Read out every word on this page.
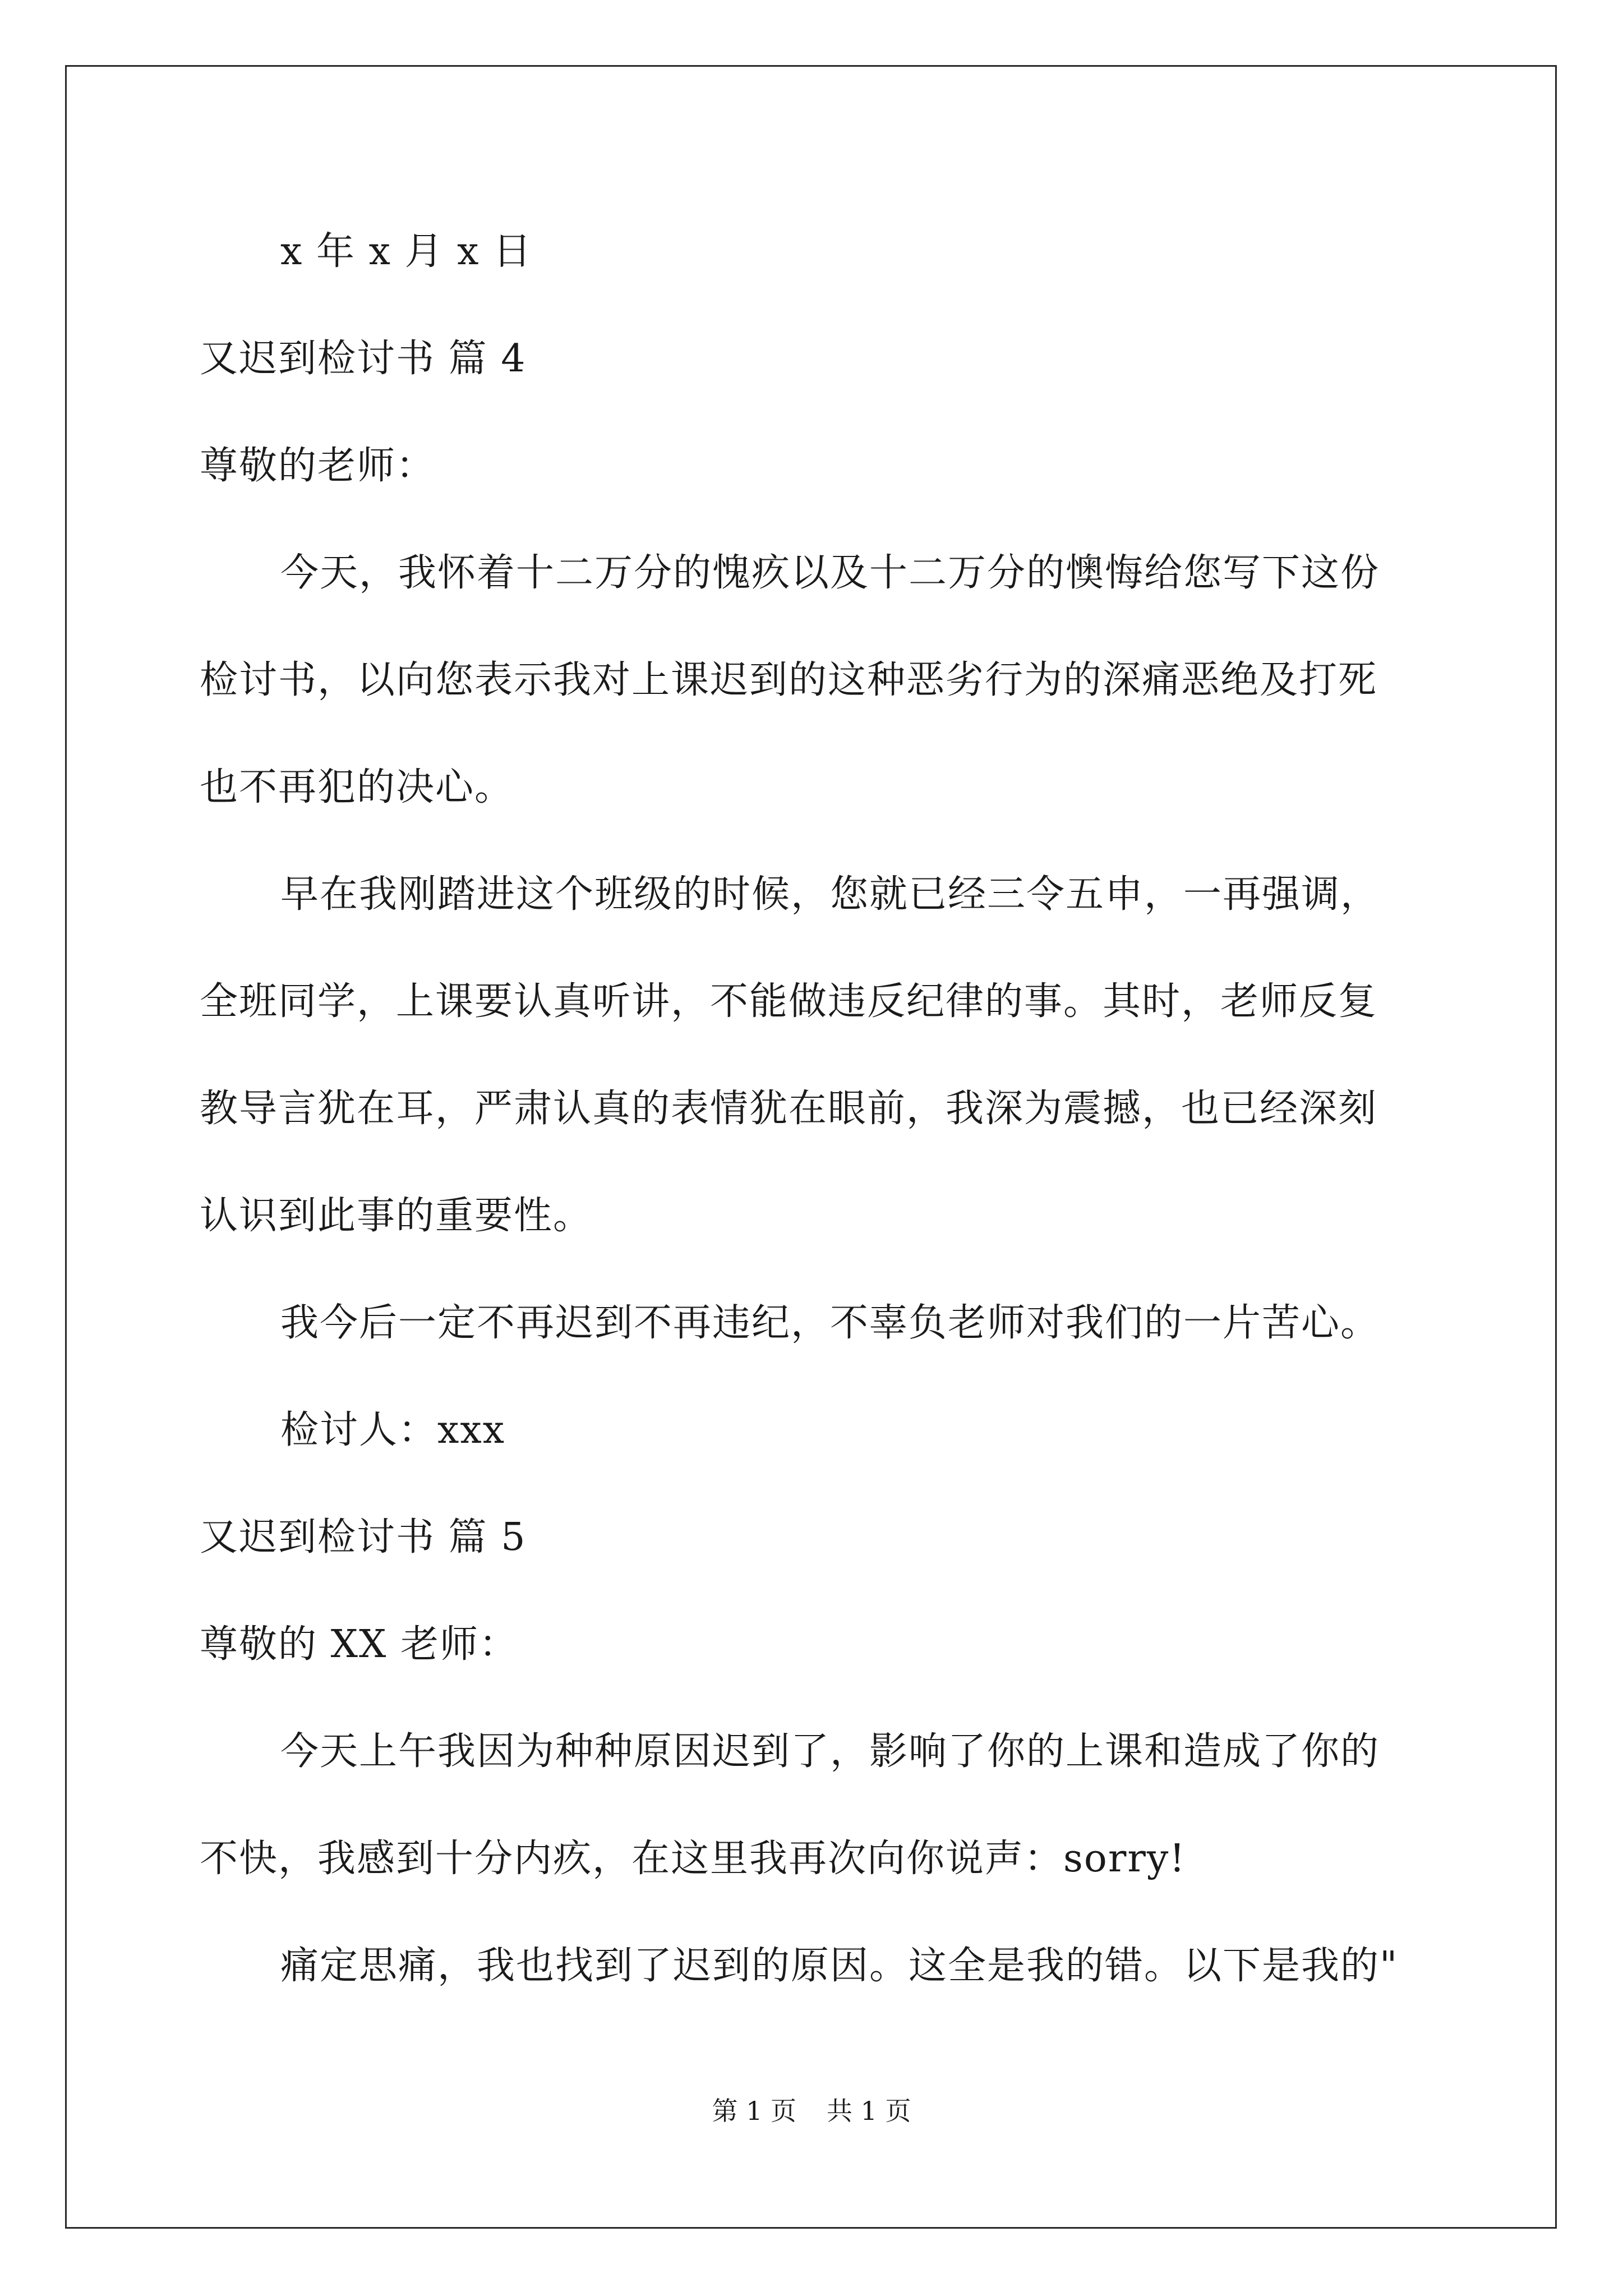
x 年 x 月 x 日
又迟到检讨书 篇 4
尊敬的老师：
今天，我怀着十二万分的愧疚以及十二万分的懊悔给您写下这份
检讨书，以向您表示我对上课迟到的这种恶劣行为的深痛恶绝及打死
也不再犯的决心。
早在我刚踏进这个班级的时候，您就已经三令五申，一再强调，
全班同学，上课要认真听讲，不能做违反纪律的事。其时，老师反复
教导言犹在耳，严肃认真的表情犹在眼前，我深为震撼，也已经深刻
认识到此事的重要性。
我今后一定不再迟到不再违纪，不辜负老师对我们的一片苦心。
检讨人：xxx
又迟到检讨书 篇 5
尊敬的 XX 老师：
今天上午我因为种种原因迟到了，影响了你的上课和造成了你的
不快，我感到十分内疚，在这里我再次向你说声：sorry!
痛定思痛，我也找到了迟到的原因。这全是我的错。以下是我的"
第 1 页 共 1 页
